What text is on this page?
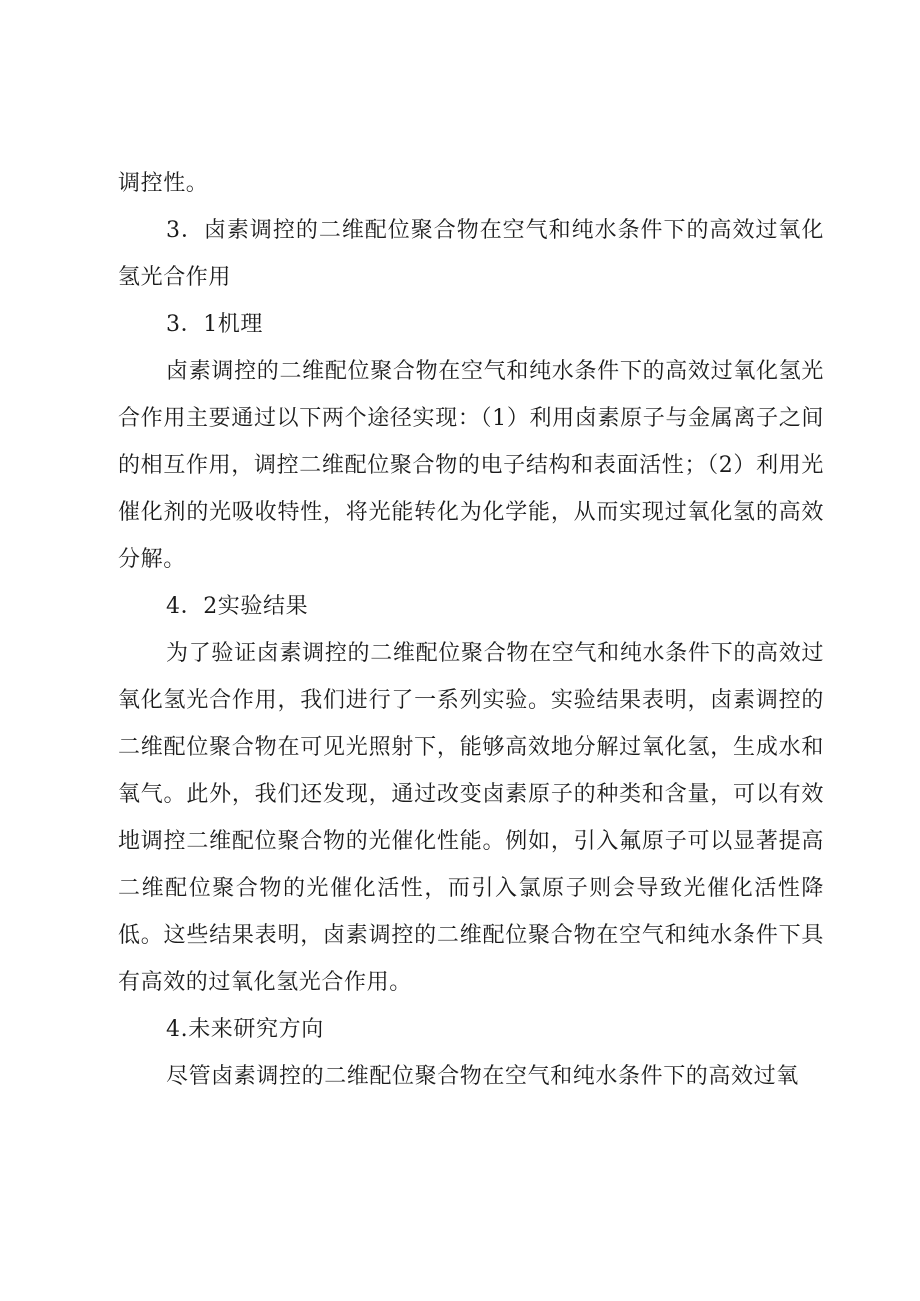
调控性。

3．卤素调控的二维配位聚合物在空气和纯水条件下的高效过氧化氢光合作用

3．1机理

卤素调控的二维配位聚合物在空气和纯水条件下的高效过氧化氢光合作用主要通过以下两个途径实现：（1）利用卤素原子与金属离子之间的相互作用，调控二维配位聚合物的电子结构和表面活性；（2）利用光催化剂的光吸收特性，将光能转化为化学能，从而实现过氧化氢的高效分解。

4．2实验结果

为了验证卤素调控的二维配位聚合物在空气和纯水条件下的高效过氧化氢光合作用，我们进行了一系列实验。实验结果表明，卤素调控的二维配位聚合物在可见光照射下，能够高效地分解过氧化氢，生成水和氧气。此外，我们还发现，通过改变卤素原子的种类和含量，可以有效地调控二维配位聚合物的光催化性能。例如，引入氟原子可以显著提高二维配位聚合物的光催化活性，而引入氯原子则会导致光催化活性降低。这些结果表明，卤素调控的二维配位聚合物在空气和纯水条件下具有高效的过氧化氢光合作用。

4.未来研究方向

尽管卤素调控的二维配位聚合物在空气和纯水条件下的高效过氧
